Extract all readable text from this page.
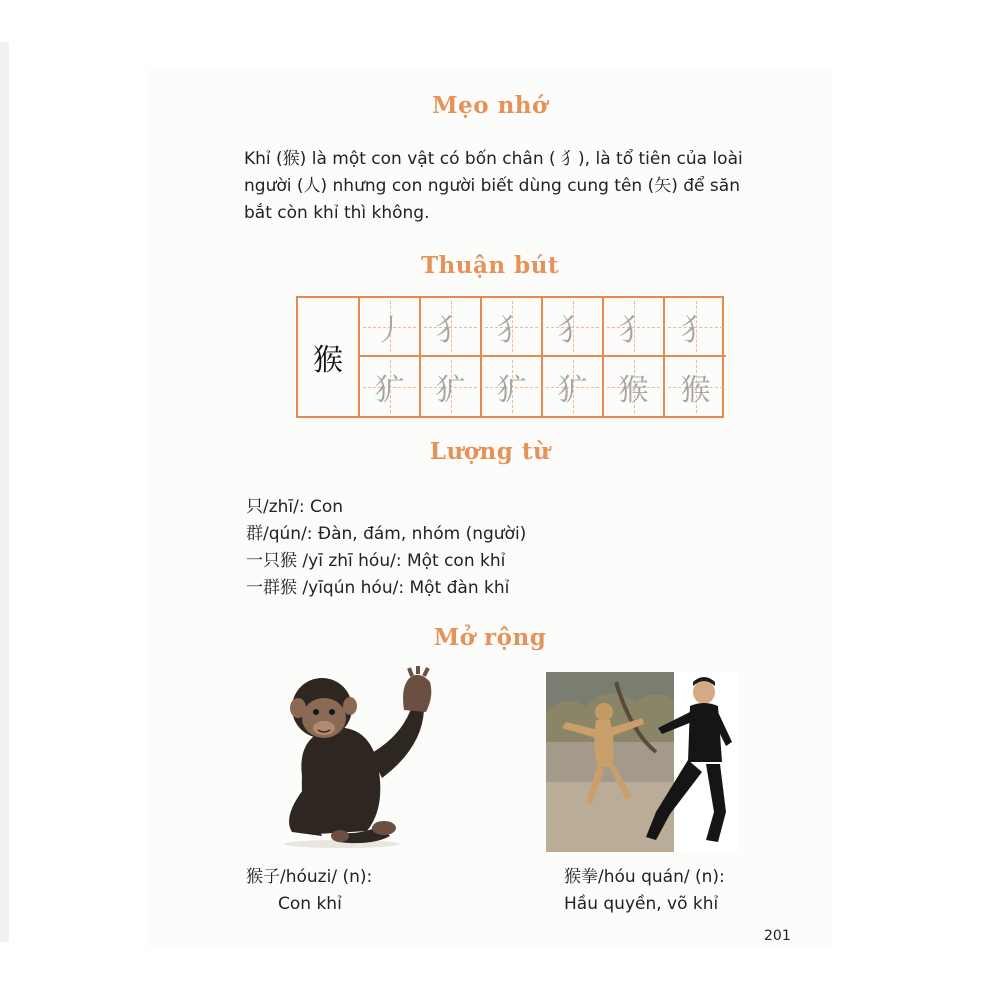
Mẹo nhớ
Khỉ (猴) là một con vật có bốn chân ( 犭), là tổ tiên của loài
người (人) nhưng con người biết dùng cung tên (矢) để săn
bắt còn khỉ thì không.
Thuận bút
猴
丿 犭 犭 犭 犭 犭
犷 犷 犷 犷 猴 猴
Lượng từ
只/zhī/: Con
群/qún/: Đàn, đám, nhóm (người)
一只猴 /yī zhī hóu/: Một con khỉ
一群猴 /yīqún hóu/: Một đàn khỉ
Mở rộng
猴子/hóuzi/ (n):
Con khỉ
猴拳/hóu quán/ (n):
Hầu quyền, võ khỉ
201
